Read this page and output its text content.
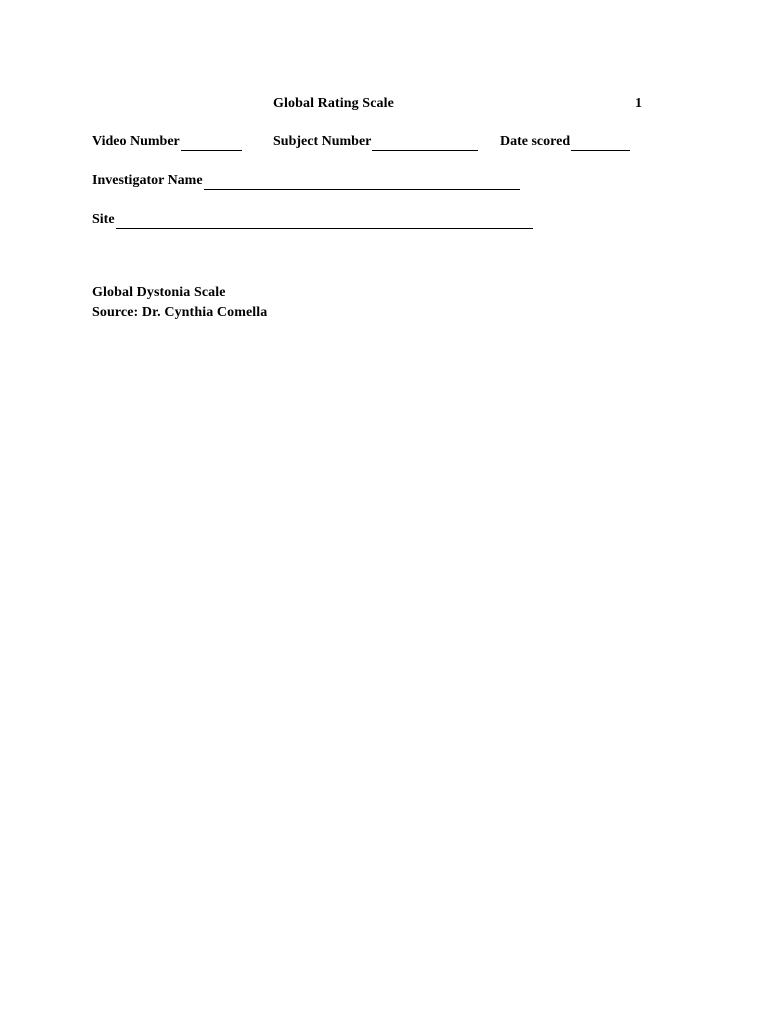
Global Rating Scale	1
Video Number	Subject Number	Date scored
Investigator Name
Site
Global Dystonia Scale
Source: Dr. Cynthia Comella
